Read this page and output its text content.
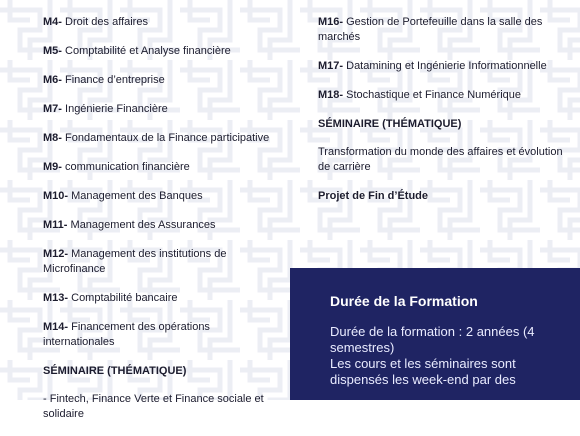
M4- Droit des affaires
M5- Comptabilité et Analyse financière
M6- Finance d’entreprise
M7- Ingénierie Financière
M8- Fondamentaux de la Finance participative
M9- communication financière
M10- Management des Banques
M11- Management des Assurances
M12- Management des institutions de Microfinance
M13- Comptabilité bancaire
M14- Financement des opérations internationales
SÉMINAIRE (THÉMATIQUE)
- Fintech, Finance Verte et Finance sociale et solidaire
M16- Gestion de Portefeuille dans la salle des marchés
M17- Datamining et Ingénierie Informationnelle
M18- Stochastique et Finance Numérique
SÉMINAIRE (THÉMATIQUE)
Transformation du monde des affaires et évolution de carrière
Projet de Fin d’Étude
Durée de la Formation
Durée de la formation : 2 années (4 semestres)
Les cours et les séminaires sont dispensés les week-end par des
